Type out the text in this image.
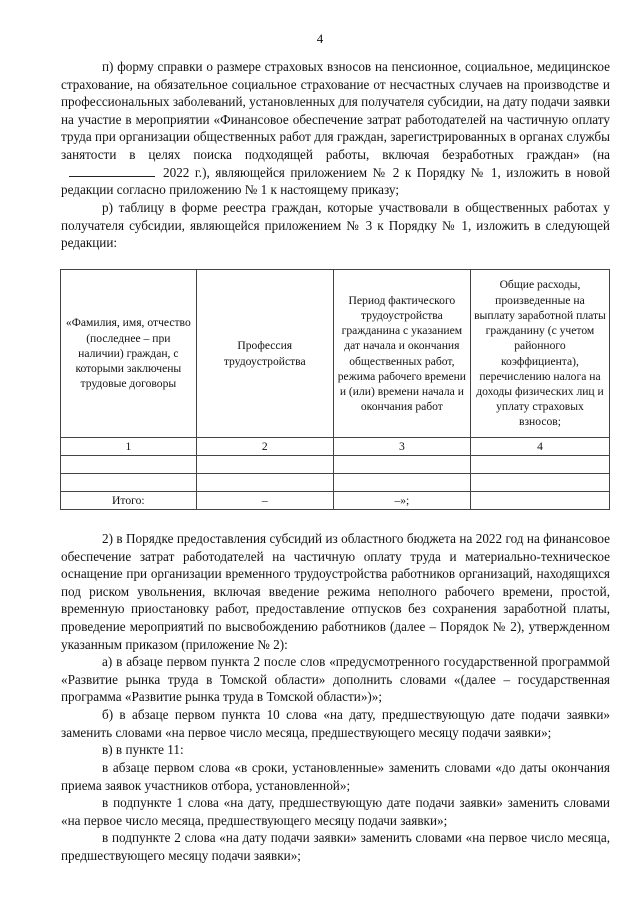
4

п) форму справки о размере страховых взносов на пенсионное, социальное, медицинское страхование, на обязательное социальное страхование от несчастных случаев на производстве и профессиональных заболеваний, установленных для получателя субсидии, на дату подачи заявки на участие в мероприятии «Финансовое обеспечение затрат работодателей на частичную оплату труда при организации общественных работ для граждан, зарегистрированных в органах службы занятости в целях поиска подходящей работы, включая безработных граждан» (на2022 г.), являющейся приложением № 2 к Порядку № 1, изложить в новой редакции согласно приложению № 1 к настоящему приказу;

р) таблицу в форме реестра граждан, которые участвовали в общественных работах у получателя субсидии, являющейся приложением № 3 к Порядку № 1, изложить в следующей редакции:

«Фамилия, имя, отчество (последнее – при наличии) граждан, с которыми заключены трудовые договоры	Профессия трудоустройства	Период фактического трудоустройства гражданина с указанием дат начала и окончания общественных работ, режима рабочего времени и (или) времени начала и окончания работ	Общие расходы, произведенные на выплату заработной платы гражданину (с учетом районного коэффициента), перечислению налога на доходы физических лиц и уплату страховых взносов;
1	2	3	4

Итого:	–	–»;	

2) в Порядке предоставления субсидий из областного бюджета на 2022 год на финансовое обеспечение затрат работодателей на частичную оплату труда и материально-техническое оснащение при организации временного трудоустройства работников организаций, находящихся под риском увольнения, включая введение режима неполного рабочего времени, простой, временную приостановку работ, предоставление отпусков без сохранения заработной платы, проведение мероприятий по высвобождению работников (далее – Порядок № 2), утвержденном указанным приказом (приложение № 2):

а) в абзаце первом пункта 2 после слов «предусмотренного государственной программой «Развитие рынка труда в Томской области» дополнить словами «(далее – государственная программа «Развитие рынка труда в Томской области»)»;

б) в абзаце первом пункта 10 слова «на дату, предшествующую дате подачи заявки» заменить словами «на первое число месяца, предшествующего месяцу подачи заявки»;

в) в пункте 11:

в абзаце первом слова «в сроки, установленные» заменить словами «до даты окончания приема заявок участников отбора, установленной»;

в подпункте 1 слова «на дату, предшествующую дате подачи заявки» заменить словами «на первое число месяца, предшествующего месяцу подачи заявки»;

в подпункте 2 слова «на дату подачи заявки» заменить словами «на первое число месяца, предшествующего месяцу подачи заявки»;
